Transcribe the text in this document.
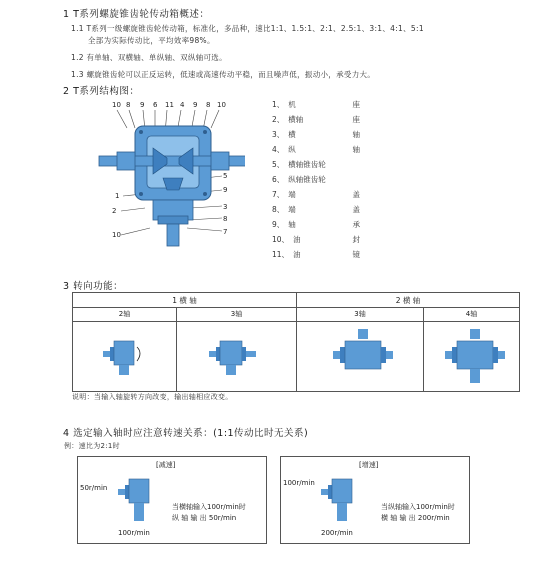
1 T系列螺旋锥齿轮传动箱概述：
1.1 T系列一级螺旋锥齿轮传动箱，标准化，多品种，速比1:1、1.5:1、2:1、2.5:1、3:1、4:1、5:1
全部为实际传动比，平均效率98%。
1.2 有单轴、双横轴、单纵轴、双纵轴可选。
1.3 螺旋锥齿轮可以正反运转，低速或高速传动平稳，而且噪声低，振动小，承受力大。
2 T系列结构图：
10 8 9 6 11 4 9 8 10
1
2
10
5
9
3
8
7
1、 机	座
2、 横轴	座
3、 横	轴
4、 纵	轴
5、 横轴锥齿轮
6、 纵轴锥齿轮
7、 端	盖
8、 端	盖
9、 轴	承
10、 油	封
11、 油	镜
3 转向功能：
1 横 轴	2 横 轴
2轴	3轴	3轴	4轴
说明：当输入轴旋转方向改变，输出轴相应改变。
4 选定输入轴时应注意转速关系：(1:1传动比时无关系)
例：速比为2:1时
[减速]
50r/min
100r/min
当横轴输入100r/min时
纵 轴 输 出 50r/min
[增速]
100r/min
200r/min
当纵轴输入100r/min时
横 轴 输 出 200r/min
